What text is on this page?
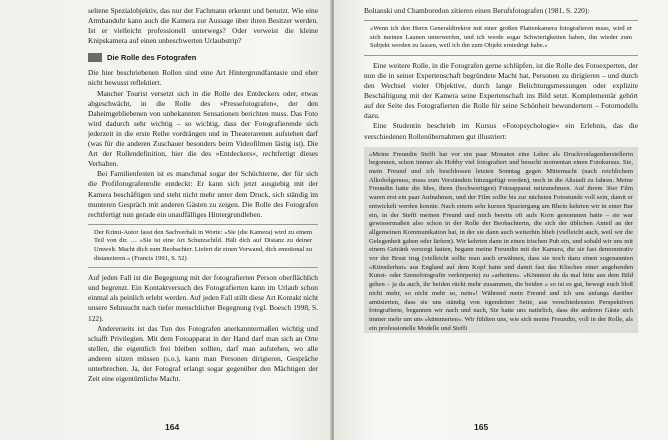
seltene Spezialobjektiv, das nur der Fachmann erkennt und benutzt. Wie eine Armbanduhr kann auch die Kamera zur Aussage über ihren Besitzer werden. Ist er vielleicht professionell unterwegs? Oder verweist die kleine Knipskamera auf einen unbeschwerten Urlaubstrip?

Die Rolle des Fotografen

Die hier beschriebenen Rollen sind eine Art Hintergrundfantasie und eher nicht bewusst reflektiert.

Mancher Tourist versetzt sich in die Rolle des Entdeckers oder, etwas abgeschwächt, in die Rolle des »Pressefotografen«, der den Daheimgebliebenen von unbekannten Sensationen berichten muss. Das Foto wird dadurch sehr wichtig – so wichtig, dass der Fotografierende sich jederzeit in die erste Reihe vordrängen und in Theaterarenen aufstehen darf (was für die anderen Zuschauer besonders beim Videofilmen lästig ist). Die Art der Rollendefinition, hier die des »Entdeckers«, rechtfertigt dieses Verhalten.

Bei Familienfesten ist es manchmal sogar der Schüchterne, der für sich die Profifotografenrolle entdeckt: Er kann sich jetzt ausgiebig mit der Kamera beschäftigen und steht nicht mehr unter dem Druck, sich ständig im munteren Gespräch mit anderen Gästen zu zeigen. Die Rolle des Fotografen rechtfertigt nun gerade ein unauffälliges Hintergrundleben.

Der Krimi-Autor fasst den Sachverhalt in Worte: »Sie (die Kamera) wird zu einem Teil von dir. … »Sie ist eine Art Schutzschild. Hält dich auf Distanz zu deiner Umwelt. Macht dich zum Beobachter. Liefert dir einen Vorwand, dich emotional zu distanzieren.« (Francis 1991, S. 52)

Auf jeden Fall ist die Begegnung mit der fotografierten Person oberflächlich und begrenzt. Ein Kontaktversuch des Fotografierten kann im Urlaub schon einmal als peinlich erlebt werden. Auf jeden Fall stillt diese Art Kontakt nicht unsere Sehnsucht nach tiefer menschlicher Begegnung (vgl. Boesch 1998, S. 122).

Andererseits ist das Tun des Fotografen anerkanntermaßen wichtig und schafft Privilegien. Mit dem Fotoapparat in der Hand darf man sich an Orte stellen, die eigentlich frei bleiben sollten, darf man aufstehen, wo alle anderen sitzen müssen (s.o.), kann man Personen dirigieren, Gespräche unterbrechen. Ja, der Fotograf erlangt sogar gegenüber den Mächtigen der Zeit eine eigentümliche Macht.

164

Boltanski und Chamboredon zitieren einen Berufsfotografen (1981, S. 220):

»Wenn ich den Herrn Generaldirektor mit einer großen Plattenkamera fotografieren muss, wird er sich meinen Launen unterwerfen, und ich werde sogar Schwierigkeiten haben, ihn wieder zum Subjekt werden zu lassen, weil ich ihn zum Objekt erniedrigt habe.«

Eine weitere Rolle, in die Fotografen gerne schlüpfen, ist die Rolle des Fotoexperten, der nun die in seiner Expertenschaft begründete Macht hat, Personen zu dirigieren – und durch den Wechsel vieler Objektive, durch lange Belichtungsmessungen oder explizite Beschäftigung mit der Kamera seine Expertenschaft ins Bild setzt. Komplementär gehört auf der Seite des Fotografierten die Rolle für seine Schönheit bewundertern – Fotomodells dazu.

Eine Studentin beschrieb im Kursus »Fotopsychologie« ein Erlebnis, das die verschiedenen Rollenübernahmen gut illustriert:

»Meine Freundin Steffi hat vor ein paar Monaten eine Lehre als Druckvorlagenherstellerin begonnen, schon immer als Hobby viel fotografiert und besucht momentan einen Fotokursus. Sie, mein Freund und ich beschlossen letzten Sonntag gegen Mitternacht (nach reichlichem Alkoholgenuss, muss zum Verständnis hinzugefügt werden), noch in die Altstadt zu fahren. Meine Freundin hatte die Idee, ihren (hochwertigen) Fotoapparat mitzunehmen. Auf ihrem 36er Film waren erst ein paar Aufnahmen, und der Film sollte bis zur nächsten Fotostunde voll sein, damit er entwickelt werden konnte. Nach einem sehr kurzen Spaziergang am Rhein kehrten wir in einer Bar ein, in der Steffi meinen Freund und mich bereits oft aufs Korn genommen hatte – sie war gewissermaßen also schon in der Rolle der Beobachterin, die sich der üblichen Anteil an der allgemeinen Kommunikation hat, in der sie dann auch weiterhin blieb (vielleicht auch, weil wir die Gelegenheit gaben oder liefern). Wir kehrten dann in einen irischen Pub ein, und sobald wir uns mit einem Getränk versorgt hatten, begann meine Freundin mit der Kamera, die sie fast demonstrativ vor der Brust trug (vielleicht sollte man auch erwähnen, dass sie noch dazu einen sogenannten »Künstlerhut« aus England auf dem Kopf hatte und damit fast das Klischee einer angehenden Kunst- oder Szenefotografin verkörperte) zu »arbeiten«. »Könntest du da mal bitte aus dem Bild gehen – ja da auch, ihr beiden rückt mehr zusammen, die beiden » so ist es gut, bewegt euch bloß nicht mehr, so nicht mehr so, nein«! Während mein Freund und ich uns anfangs darüber amüsierten, dass sie uns ständig von irgendeiner Seite, aus verschiedensten Perspektiven fotografierte, begannen wir nach und nach, Sie hatte uns natürlich, dass die anderen Gäste sich immer mehr um uns »kümmerten«. Wir fühlten uns, wie sich meine Freundin, voll in der Rolle, als ein professionelle Modelle und Steffi

165
